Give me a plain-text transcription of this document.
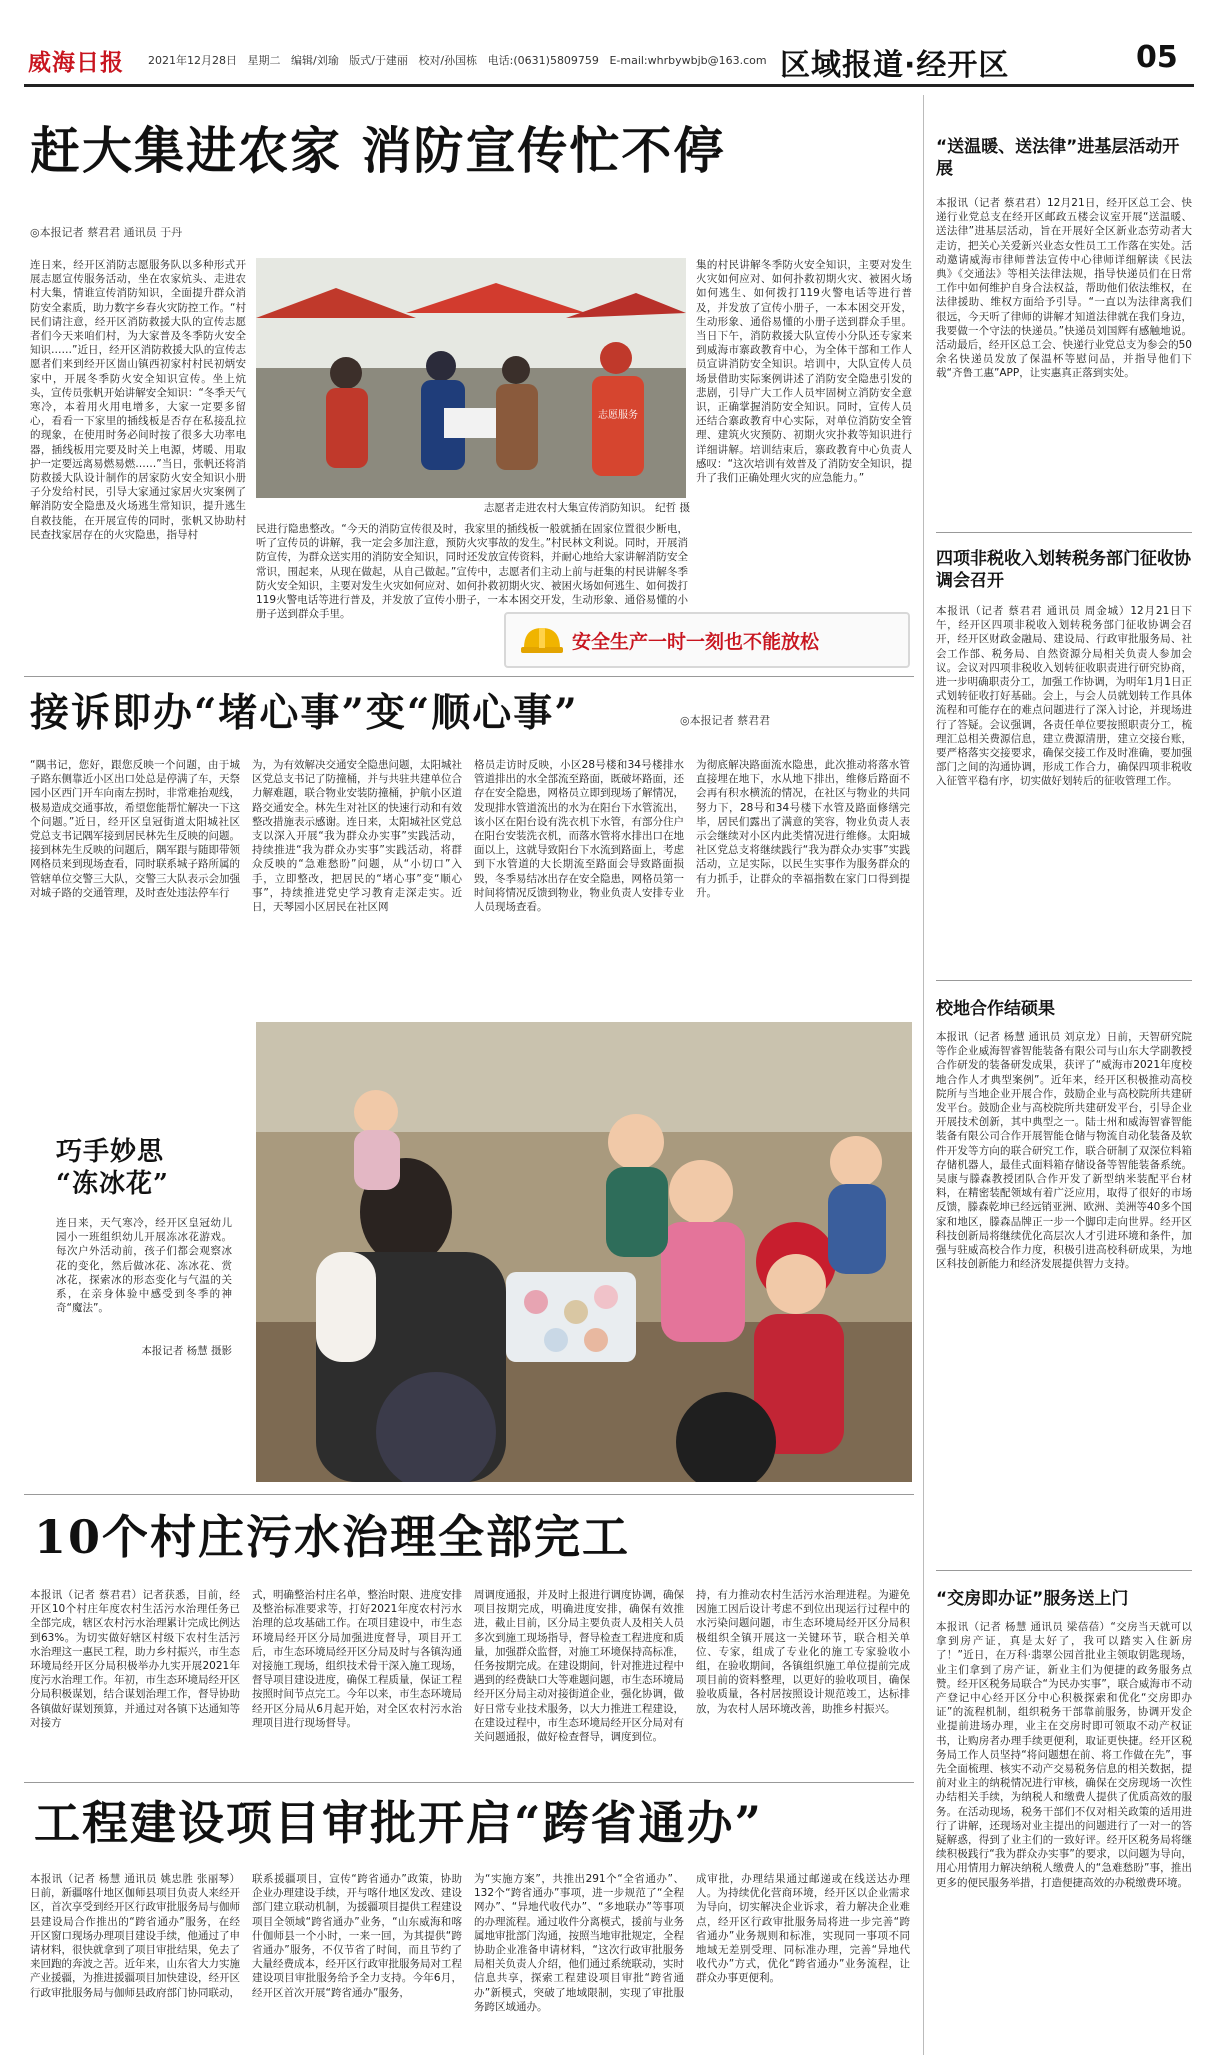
威海日报 2021年12月28日 星期二 编辑/刘瑜 版式/于建丽 校对/孙国栋 电话:(0631)5809759 E-mail:whrbywbjb@163.com 区域报道·经开区	05
赶大集进农家 消防宣传忙不停
◎本报记者 蔡君君 通讯员 于丹

连日来，经开区消防志愿服务队以多种形式开展志愿宣传服务活动，坐在农家炕头、走进农村大集，情谁宣传消防知识，全面提升群众消防安全素质，助力数字乡春火灾防控工作。“村民们请注意，经开区消防救援大队的宣传志愿者们今天来咱们村，为大家普及冬季防火安全知识……”近日，经开区消防救援大队的宣传志愿者们来到经开区崮山镇西初家村村民初炳安家中，开展冬季防火安全知识宣传。坐上炕头，宣传员张帆开始讲解安全知识：“冬季天气寒冷，本着用火用电增多，大家一定要多留心，看看一下家里的插线板是否存在私接乱拉的现象，在使用时务必间时按了很多大功率电器，插线板用完要及时关上电源，烤暖、用取护一定要远离易燃易燃……”当日，张帆还将消防救援大队设计制作的居家防火安全知识小册子分发给村民，引导大家通过家居火灾案例了解消防安全隐患及火场逃生常知识，提升逃生自救技能，在开展宣传的同时，张帆又协助村民查找家居存在的火灾隐患，指导村

志愿服务
志愿者走进农村大集宣传消防知识。 纪哲 摄

民进行隐患整改。“今天的消防宣传很及时，我家里的插线板一般就插在固家位置很少断电，听了宣传员的讲解，我一定会多加注意，预防火灾事故的发生。”村民林文利说。同时，开展消防宣传，为群众送实用的消防安全知识，同时还发放宣传资料，并耐心地给大家讲解消防安全常识，围起来，从现在做起，从自己做起。”宣传中，志愿者们主动上前与赶集的村民讲解冬季防火安全知识，主要对发生火灾如何应对、如何扑救初期火灾、被困火场如何逃生、如何拨打119火警电话等进行普及，并发放了宣传小册子，一本本困交开发，生动形象、通俗易懂的小册子送到群众手里。

集的村民讲解冬季防火安全知识，主要对发生火灾如何应对、如何扑救初期火灾、被困火场如何逃生、如何拨打119火警电话等进行普及，并发放了宣传小册子，一本本困交开发，生动形象、通俗易懂的小册子送到群众手里。当日下午，消防救援大队宣传小分队还专家来到威海市寨政教育中心，为全体干部和工作人员宣讲消防安全知识。培训中，大队宣传人员场景借助实际案例讲述了消防安全隐患引发的悲剧，引导广大工作人员牢固树立消防安全意识，正确掌握消防安全知识。同时，宣传人员还结合寨政教育中心实际，对单位消防安全管理、建筑火灾预防、初期火灾扑救等知识进行详细讲解。培训结束后，寨政教育中心负责人感叹：“这次培训有效普及了消防安全知识，提升了我们正确处理火灾的应急能力。”

安全生产一时一刻也不能放松
接诉即办“堵心事”变“顺心事”	◎本报记者 蔡君君

“隅书记，您好，跟您反映一个问题，由于城子路东侧靠近小区出口处总是停满了车，天祭园小区西门开车向南左拐时，非常难抬观线，极易造成交通事故，希望您能帮忙解决一下这个问题。”近日，经开区皇冠街道太阳城社区党总支书记隅军接到居民林先生反映的问题。接到林先生反映的问题后，隅军跟与随即带领网格员来到现场查看，同时联系城子路所属的管辖单位交警三大队，交警三大队表示会加强对城子路的交通管理，及时查处违法停车行

为，为有效解决交通安全隐患问题，太阳城社区党总支书记了防撞桶，并与共驻共建单位合力解难题，联合物业安装防撞桶，护航小区道路交通安全。林先生对社区的快速行动和有效整改措施表示感谢。连日来，太阳城社区党总支以深入开展“我为群众办实事”实践活动，持续推进“我为群众办实事”实践活动，将群众反映的“急难愁盼”问题，从“小切口”入手，立即整改，把居民的“堵心事”变“顺心事”，持续推进党史学习教育走深走实。近日，天琴园小区居民在社区网

格员走访时反映，小区28号楼和34号楼排水管道排出的水全部流至路面，既破坏路面，还存在安全隐患，网格员立即到现场了解情况，发现排水管道流出的水为在阳台下水管流出，该小区在阳台设有洗衣机下水管，有部分住户在阳台安装洗衣机，而落水管将水排出口在地面以上，这就导致阳台下水流到路面上，考虑到下水管道的大长期流至路面会导致路面损毁，冬季易结冰出存在安全隐患，网格员第一时间将情况反馈到物业，物业负责人安排专业人员现场查看。

为彻底解决路面流水隐患，此次推动将落水管直接埋在地下，水从地下排出，维修后路面不会再有积水横流的情况，在社区与物业的共同努力下，28号和34号楼下水管及路面修缮完毕，居民们露出了满意的笑容，物业负责人表示会继续对小区内此类情况进行维修。太阳城社区党总支将继续践行“我为群众办实事”实践活动，立足实际，以民生实事作为服务群众的有力抓手，让群众的幸福指数在家门口得到提升。

巧手妙思
“冻冰花”

连日来，天气寒冷，经开区皇冠幼儿园小一班组织幼儿开展冻冰花游戏。每次户外活动前，孩子们都会观察冰花的变化，然后做冰花、冻冰花、赏冰花，探索冰的形态变化与气温的关系，在亲身体验中感受到冬季的神奇“魔法”。

本报记者 杨慧 摄影
10个村庄污水治理全部完工

本报讯（记者 蔡君君）记者获悉，目前，经开区10个村庄年度农村生活污水治理任务已全部完成，辖区农村污水治理累计完成比例达到63%。为切实做好辖区村级下农村生活污水治理这一惠民工程，助力乡村振兴，市生态环境局经开区分局积极举办九实开展2021年度污水治理工作。年初，市生态环境局经开区分局积极谋划，结合谋划治理工作，督导协助各镇做好谋划预算，并通过对各镇下达通知等对接方

式，明确整治村庄名单，整治时限、进度安排及整治标准要求等，打好2021年度农村污水治理的总攻基础工作。在项目建设中，市生态环境局经开区分局加强进度督导，项目开工后，市生态环境局经开区分局及时与各镇沟通对接施工现场，组织技术骨干深入施工现场，督导项目建设进度，确保工程质量，保证工程按照时间节点完工。今年以来，市生态环境局经开区分局从6月起开始，对全区农村污水治理项目进行现场督导。

周调度通报，并及时上报进行调度协调，确保项目按期完成，明确进度安排，确保有效推进，截止目前，区分局主要负责人及相关人员多次到施工现场指导，督导检查工程进度和质量，加强群众监督，对施工环境保持高标准，任务按期完成。在建设期间，针对推进过程中遇到的经费缺口大等难题问题，市生态环境局经开区分局主动对接街道企业，强化协调，做好日常专业技术服务，以大力推进工程建设，在建设过程中，市生态环境局经开区分局对有关问题通报，做好检查督导，调度到位。

持，有力推动农村生活污水治理进程。为避免因施工因后设计考虑不到位出现运行过程中的水污染问题问题，市生态环境局经开区分局积极组织全镇开展这一关键环节，联合相关单位、专家，组成了专业化的施工专家验收小组，在验收期间，各镇组织施工单位提前完成项目前的资料整理，以更好的验收项目，确保验收质量，各村居按照设计规范竣工，达标排放，为农村人居环境改善，助推乡村振兴。

工程建设项目审批开启“跨省通办”

本报讯（记者 杨慧 通讯员 姚忠胜 张丽琴）日前，新疆喀什地区伽师县项目负责人来经开区，首次享受到经开区行政审批服务局与伽师县建设局合作推出的“跨省通办”服务，在经开区窗口现场办理项目建设手续，他通过了申请材料，很快就拿到了项目审批结果，免去了来回跑的奔波之苦。近年来，山东省大力实施产业援疆，为推进援疆项目加快建设，经开区行政审批服务局与伽师县政府部门协同联动，

联系援疆项目，宣传“跨省通办”政策，协助企业办理建设手续，开与喀什地区发改、建设部门建立联动机制，为援疆项目提供工程建设项目全领域“跨省通办”业务，“山东威海和喀什伽师县一个小时，一来一回，为其提供“跨省通办”服务，不仅节省了时间，而且节约了大量经费成本，经开区行政审批服务局对工程建设项目审批服务给予全力支持。今年6月，经开区首次开展“跨省通办”服务，

为“实施方案”，共推出291个“全省通办”、132个“跨省通办”事项，进一步规范了“全程网办”、“异地代收代办”、“多地联办”等事项的办理流程。通过收件分离模式，援前与业务属地审批部门沟通，按照当地审批规定，全程协助企业准备申请材料，“这次行政审批服务局相关负责人介绍，他们通过系统联动，实时信息共享，探索工程建设项目审批“跨省通办”新模式，突破了地域限制，实现了审批服务跨区域通办。

成审批，办理结果通过邮递或在线送达办理人。为持续优化营商环境，经开区以企业需求为导向，切实解决企业诉求，着力解决企业难点，经开区行政审批服务局将进一步完善“跨省通办”业务规则和标准，实现同一事项不同地域无差别受理、同标准办理，完善“异地代收代办”方式，优化“跨省通办”业务流程，让群众办事更便利。

“送温暖、送法律”进基层活动开展

本报讯（记者 蔡君君）12月21日，经开区总工会、快递行业党总支在经开区邮政五楼会议室开展“送温暖、送法律”进基层活动，旨在开展好全区新业态劳动者大走访，把关心关爱新兴业态女性员工工作落在实处。活动邀请威海市律师普法宣传中心律师详细解读《民法典》《交通法》等相关法律法规，指导快递员们在日常工作中如何维护自身合法权益，帮助他们依法维权，在法律援助、维权方面给予引导。“一直以为法律离我们很远，今天听了律师的讲解才知道法律就在我们身边，我要做一个守法的快递员。”快递员刘国辉有感触地说。活动最后，经开区总工会、快递行业党总支为参会的50余名快递员发放了保温杯等慰问品，并指导他们下载“齐鲁工惠”APP，让实惠真正落到实处。

四项非税收入划转税务部门征收协调会召开

本报讯（记者 蔡君君 通讯员 周金城）12月21日下午，经开区四项非税收入划转税务部门征收协调会召开，经开区财政金融局、建设局、行政审批服务局、社会工作部、税务局、自然资源分局相关负责人参加会议。会议对四项非税收入划转征收职责进行研究协商，进一步明确职责分工，加强工作协调，为明年1月1日正式划转征收打好基础。会上，与会人员就划转工作具体流程和可能存在的难点问题进行了深入讨论，并现场进行了答疑。会议强调，各责任单位要按照职责分工，梳理汇总相关费源信息，建立费源清册，建立交接台账，要严格落实交接要求，确保交接工作及时准确，要加强部门之间的沟通协调，形成工作合力，确保四项非税收入征管平稳有序，切实做好划转后的征收管理工作。

校地合作结硕果

本报讯（记者 杨慧 通讯员 刘京龙）日前，天智研究院等作企业威海智睿智能装备有限公司与山东大学副教授合作研发的装备研发成果，获评了“威海市2021年度校地合作人才典型案例”。近年来，经开区积极推动高校院所与当地企业开展合作，鼓励企业与高校院所共建研发平台。鼓励企业与高校院所共建研发平台，引导企业开展技术创新，其中典型之一。陆士州和威海智睿智能装备有限公司合作开展智能仓储与物流自动化装备及软件开发等方向的联合研究工作，联合研制了双深位料箱存储机器人，最佳式面料箱存储设备等智能装备系统。吴康与滕森教授团队合作开发了新型纳米装配平台材料，在精密装配领域有着广泛应用，取得了很好的市场反馈，滕森乾坤已经远销亚洲、欧洲、美洲等40多个国家和地区，滕森品牌正一步一个脚印走向世界。经开区科技创新局将继续优化高层次人才引进环境和条件，加强与驻威高校合作力度，积极引进高校科研成果，为地区科技创新能力和经济发展提供智力支持。

“交房即办证”服务送上门

本报讯（记者 杨慧 通讯员 梁蓓蓓）“交房当天就可以拿到房产证，真是太好了，我可以踏实入住新房了！”近日，在万科·翡翠公园首批业主领取钥匙现场，业主们拿到了房产证，新业主们为便捷的政务服务点赞。经开区税务局联合“为民办实事”，联合威海市不动产登记中心经开区分中心积极探索和优化“交房即办证”的流程机制，组织税务干部靠前服务，协调开发企业提前进场办理，业主在交房时即可领取不动产权证书，让购房者办理手续更便利，取证更快捷。经开区税务局工作人员坚持“将问题想在前、将工作做在先”，事先全面梳理、核实不动产交易税务信息的相关数据，提前对业主的纳税情况进行审核，确保在交房现场一次性办结相关手续，为纳税人和缴费人提供了优质高效的服务。在活动现场，税务干部们不仅对相关政策的适用进行了讲解，还现场对业主提出的问题进行了一对一的答疑解惑，得到了业主们的一致好评。经开区税务局将继续积极践行“我为群众办实事”的要求，以问题为导向，用心用情用力解决纳税人缴费人的“急难愁盼”事，推出更多的便民服务举措，打造便捷高效的办税缴费环境。
